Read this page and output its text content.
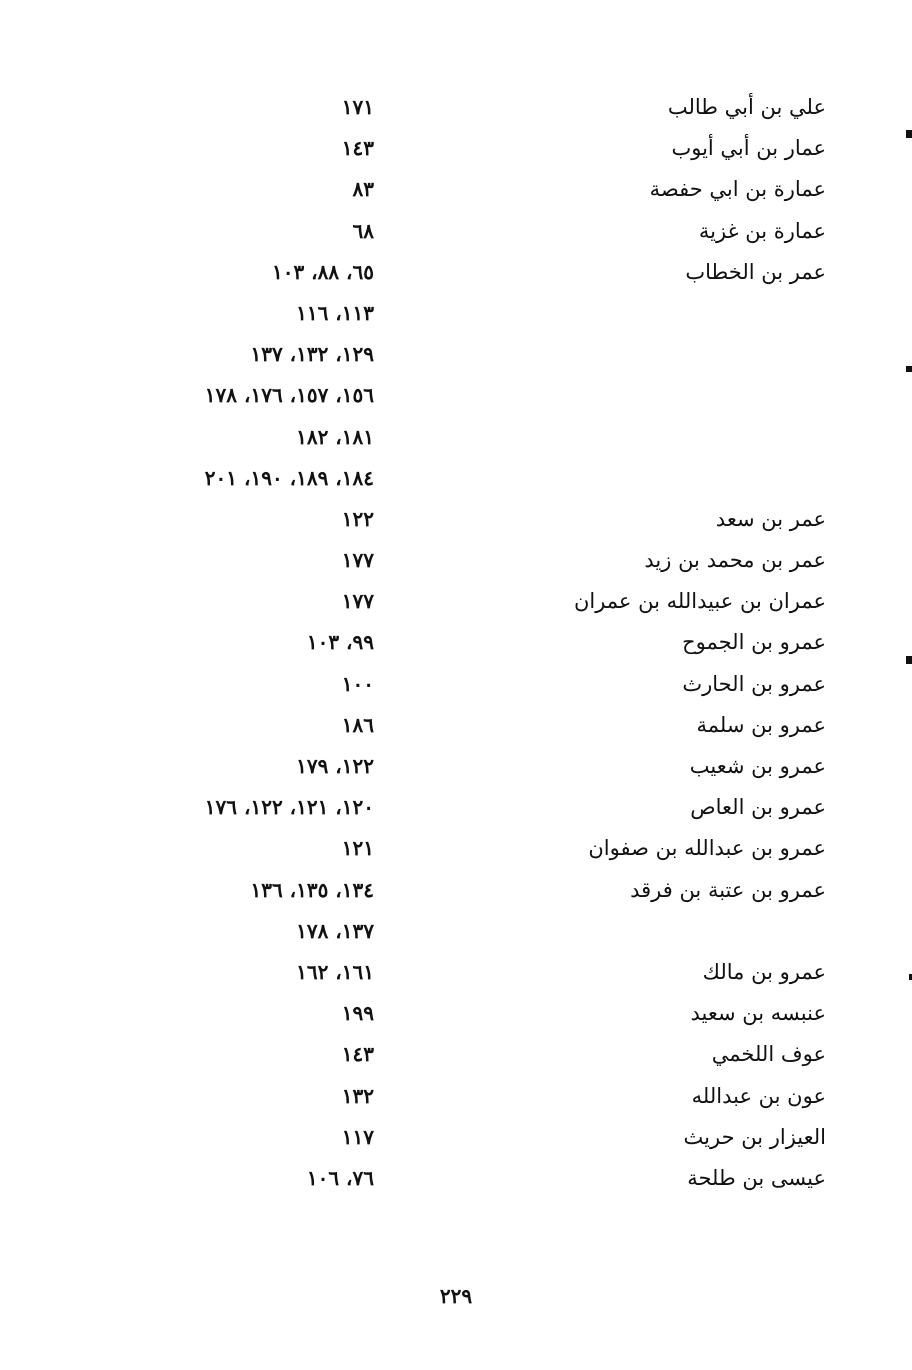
علي بن أبي طالب
١٧١
عمار بن أبي أيوب
١٤٣
عمارة بن ابي حفصة
٨٣
عمارة بن غزية
٦٨
عمر بن الخطاب
٦٥، ٨٨، ١٠٣
١١٣، ١١٦
١٢٩، ١٣٢، ١٣٧
١٥٦، ١٥٧، ١٧٦، ١٧٨
١٨١، ١٨٢
١٨٤، ١٨٩، ١٩٠، ٢٠١
عمر بن سعد
١٢٢
عمر بن محمد بن زيد
١٧٧
عمران بن عبيدالله بن عمران
١٧٧
عمرو بن الجموح
٩٩، ١٠٣
عمرو بن الحارث
١٠٠
عمرو بن سلمة
١٨٦
عمرو بن شعيب
١٢٢، ١٧٩
عمرو بن العاص
١٢٠، ١٢١، ١٢٢، ١٧٦
عمرو بن عبدالله بن صفوان
١٢١
عمرو بن عتبة بن فرقد
١٣٤، ١٣٥، ١٣٦
١٣٧، ١٧٨
عمرو بن مالك
١٦١، ١٦٢
عنبسه بن سعيد
١٩٩
عوف اللخمي
١٤٣
عون بن عبدالله
١٣٢
العيزار بن حريث
١١٧
عيسى بن طلحة
٧٦، ١٠٦
٢٢٩
